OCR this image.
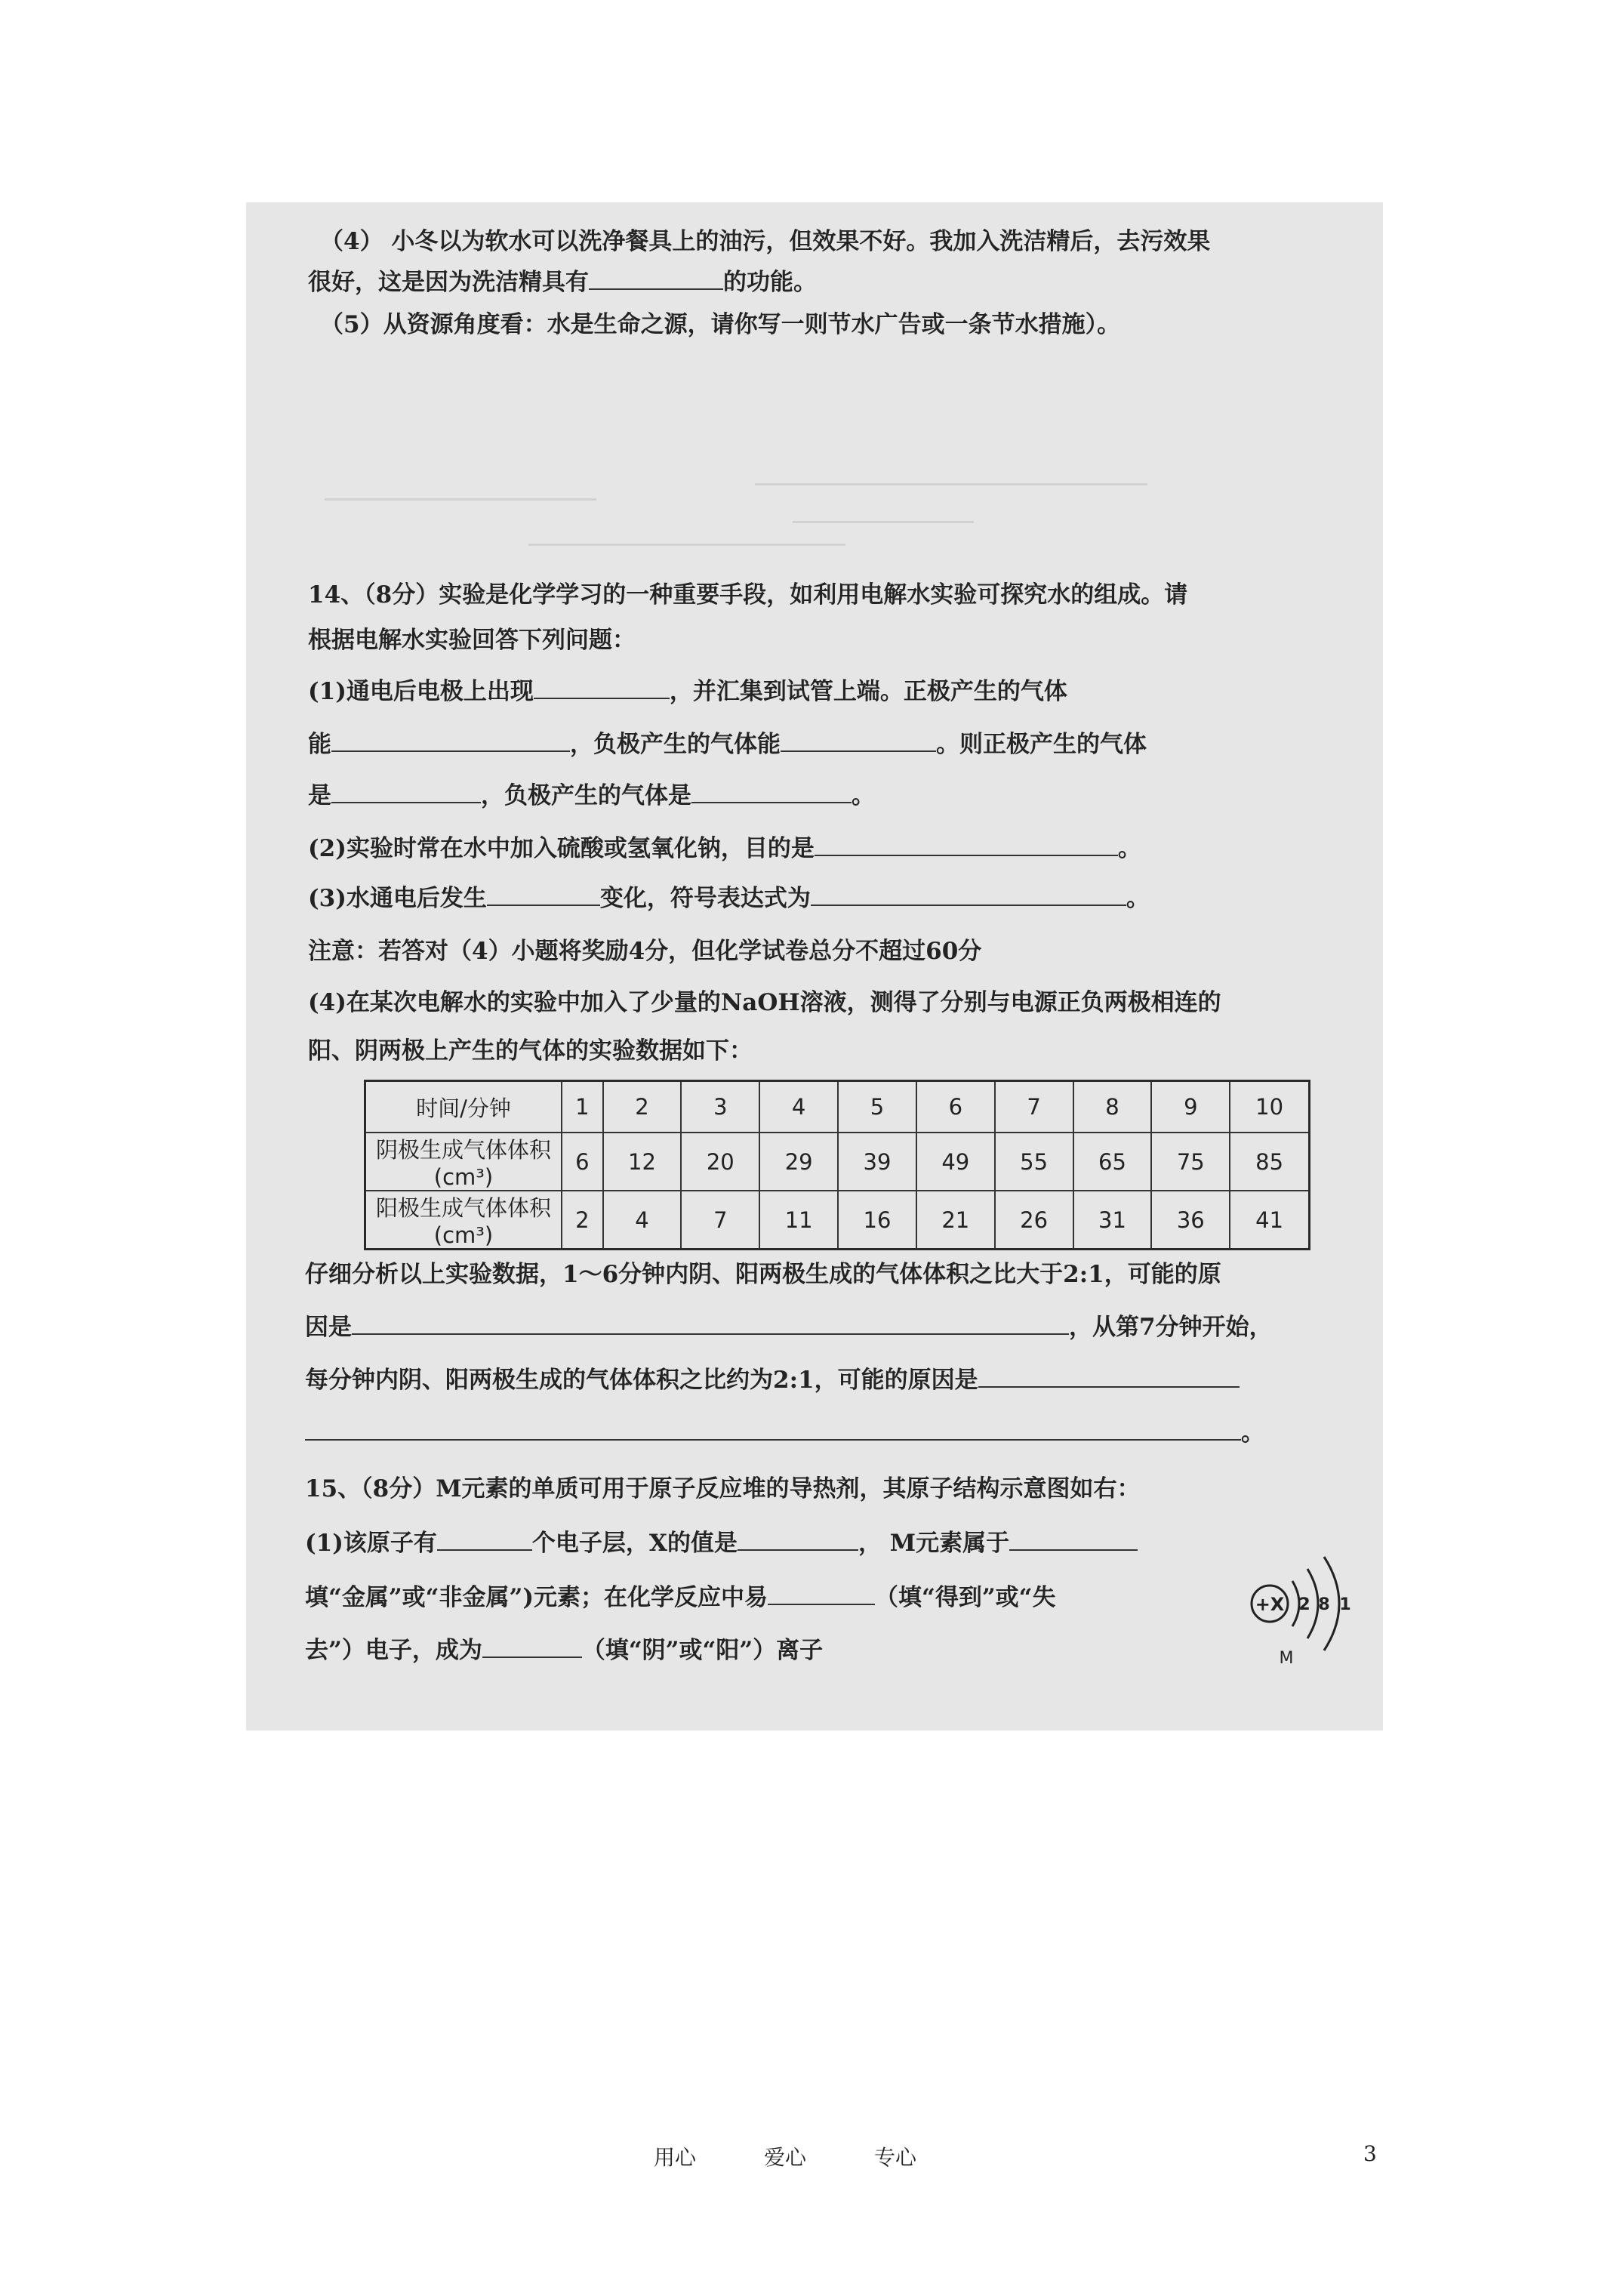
（4） 小冬以为软水可以洗净餐具上的油污，但效果不好。我加入洗洁精后，去污效果
很好，这是因为洗洁精具有	的功能。
（5）从资源角度看：水是生命之源，请你写一则节水广告或一条节水措施）。
14、（8分）实验是化学学习的一种重要手段，如利用电解水实验可探究水的组成。请
根据电解水实验回答下列问题：
(1)通电后电极上出现	，并汇集到试管上端。正极产生的气体
能	，负极产生的气体能	。则正极产生的气体
是	，负极产生的气体是	。
(2)实验时常在水中加入硫酸或氢氧化钠，目的是	。
(3)水通电后发生	变化，符号表达式为	。
注意：若答对（4）小题将奖励4分，但化学试卷总分不超过60分
(4)在某次电解水的实验中加入了少量的NaOH溶液，测得了分别与电源正负两极相连的
阳、阴两极上产生的气体的实验数据如下：
时间/分钟	1	2	3	4	5	6	7	8	9	10
阴极生成气体体积(cm³)	6	12	20	29	39	49	55	65	75	85
阳极生成气体体积(cm³)	2	4	7	11	16	21	26	31	36	41
仔细分析以上实验数据，1～6分钟内阴、阳两极生成的气体体积之比大于2:1，可能的原
因是	，从第7分钟开始，
每分钟内阴、阳两极生成的气体体积之比约为2:1，可能的原因是
。
15、（8分）M元素的单质可用于原子反应堆的导热剂，其原子结构示意图如右：
(1)该原子有	个电子层，X的值是	， M元素属于
填“金属”或“非金属”)元素；在化学反应中易	（填“得到”或“失
去”）电子，成为	（填“阴”或“阳”）离子
+X 2 8 1
M
用心	爱心	专心	3
